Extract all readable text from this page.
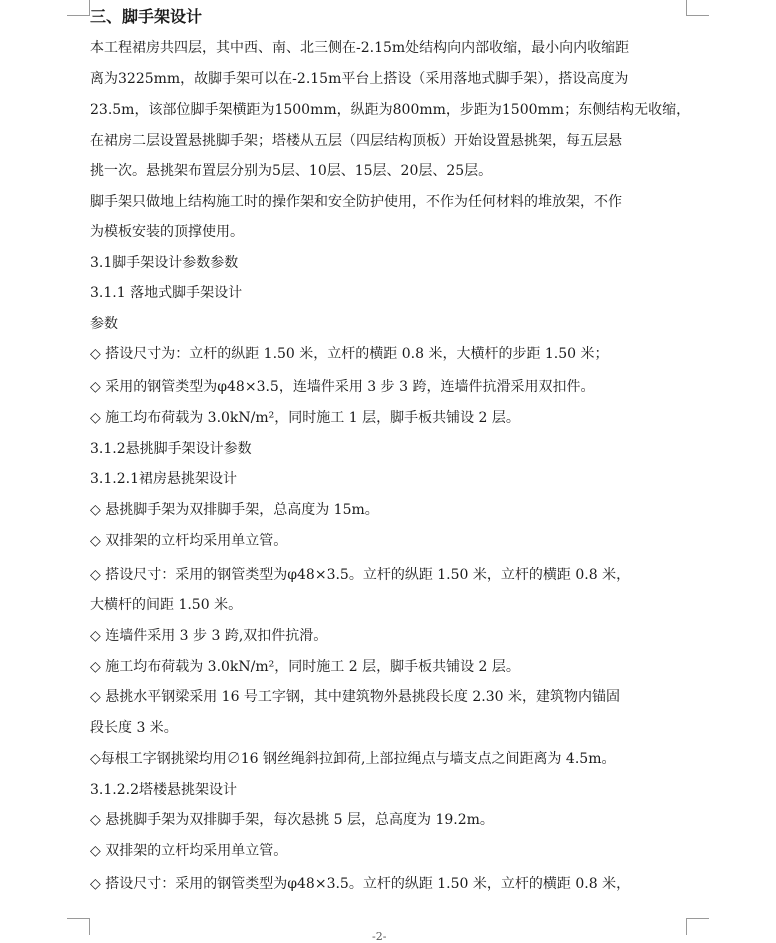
三、脚手架设计
本工程裙房共四层，其中西、南、北三侧在-2.15m处结构向内部收缩，最小向内收缩距
离为3225mm，故脚手架可以在-2.15m平台上搭设（采用落地式脚手架），搭设高度为
23.5m，该部位脚手架横距为1500mm，纵距为800mm，步距为1500mm；东侧结构无收缩，
在裙房二层设置悬挑脚手架；塔楼从五层（四层结构顶板）开始设置悬挑架，每五层悬
挑一次。悬挑架布置层分别为5层、10层、15层、20层、25层。
脚手架只做地上结构施工时的操作架和安全防护使用，不作为任何材料的堆放架，不作
为模板安装的顶撑使用。
3.1脚手架设计参数参数
3.1.1 落地式脚手架设计
参数
◇ 搭设尺寸为：立杆的纵距 1.50 米，立杆的横距 0.8 米，大横杆的步距 1.50 米；
◇ 采用的钢管类型为φ48×3.5，连墙件采用 3 步 3 跨，连墙件抗滑采用双扣件。
◇ 施工均布荷载为 3.0kN/m²，同时施工 1 层，脚手板共铺设 2 层。
3.1.2悬挑脚手架设计参数
3.1.2.1裙房悬挑架设计
◇ 悬挑脚手架为双排脚手架，总高度为 15m。
◇ 双排架的立杆均采用单立管。
◇ 搭设尺寸：采用的钢管类型为φ48×3.5。立杆的纵距 1.50 米，立杆的横距 0.8 米，
大横杆的间距 1.50 米。
◇ 连墙件采用 3 步 3 跨,双扣件抗滑。
◇ 施工均布荷载为 3.0kN/m²，同时施工 2 层，脚手板共铺设 2 层。
◇ 悬挑水平钢梁采用 16 号工字钢，其中建筑物外悬挑段长度 2.30 米，建筑物内锚固
段长度 3 米。
◇每根工字钢挑梁均用∅16 钢丝绳斜拉卸荷,上部拉绳点与墙支点之间距离为 4.5m。
3.1.2.2塔楼悬挑架设计
◇ 悬挑脚手架为双排脚手架，每次悬挑 5 层，总高度为 19.2m。
◇ 双排架的立杆均采用单立管。
◇ 搭设尺寸：采用的钢管类型为φ48×3.5。立杆的纵距 1.50 米，立杆的横距 0.8 米，
-2-
